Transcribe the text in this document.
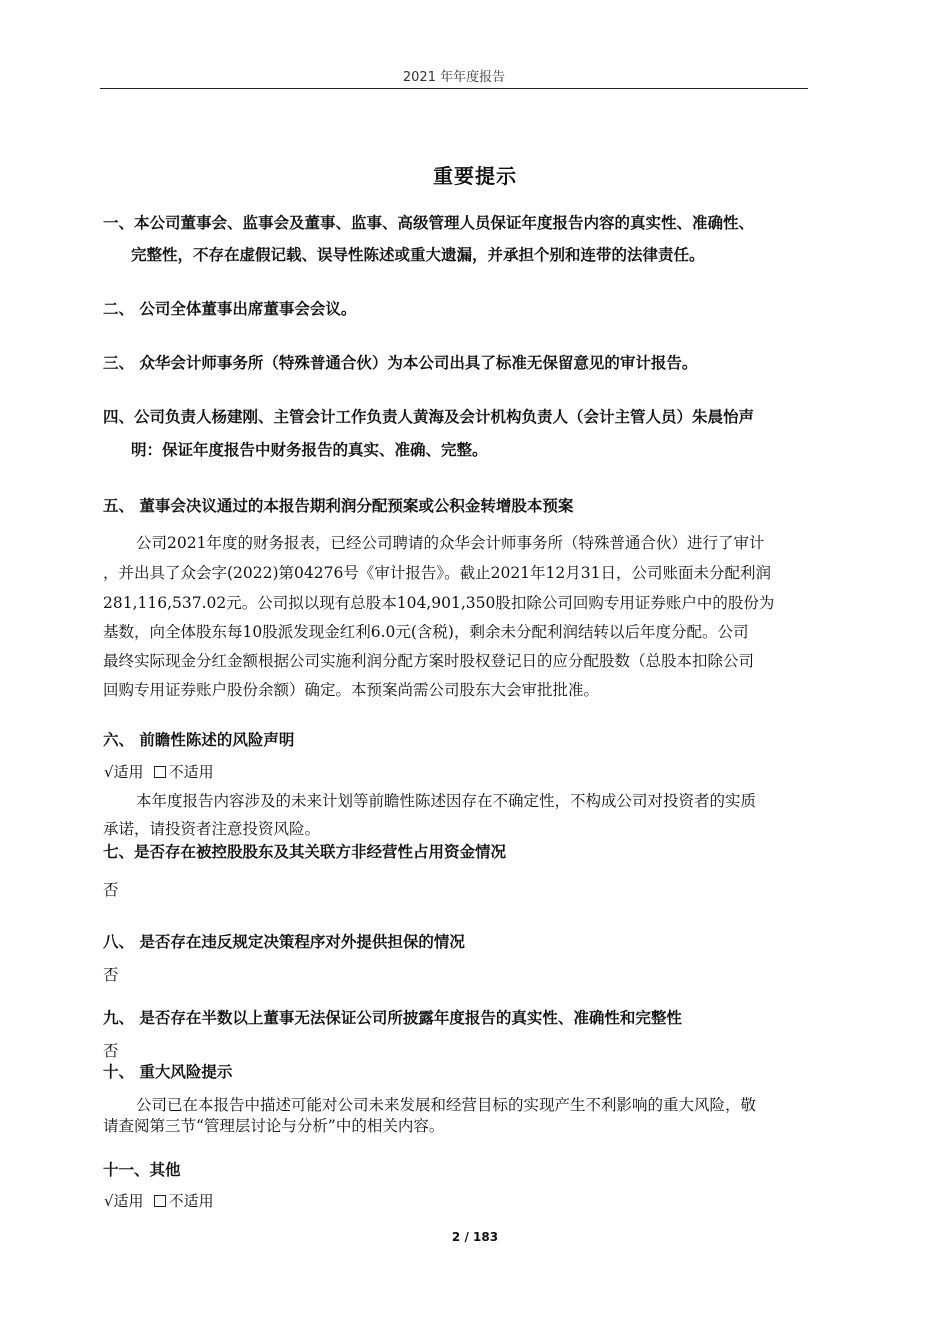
2021 年年度报告
重要提示
一、本公司董事会、监事会及董事、监事、高级管理人员保证年度报告内容的真实性、准确性、
完整性，不存在虚假记载、误导性陈述或重大遗漏，并承担个别和连带的法律责任。
二、 公司全体董事出席董事会会议。
三、 众华会计师事务所（特殊普通合伙）为本公司出具了标准无保留意见的审计报告。
四、公司负责人杨建刚、主管会计工作负责人黄海及会计机构负责人（会计主管人员）朱晨怡声
明：保证年度报告中财务报告的真实、准确、完整。
五、 董事会决议通过的本报告期利润分配预案或公积金转增股本预案
公司2021年度的财务报表，已经公司聘请的众华会计师事务所（特殊普通合伙）进行了审计
，并出具了众会字(2022)第04276号《审计报告》。截止2021年12月31日，公司账面未分配利润
281,116,537.02元。公司拟以现有总股本104,901,350股扣除公司回购专用证券账户中的股份为
基数，向全体股东每10股派发现金红利6.0元(含税)，剩余未分配利润结转以后年度分配。公司
最终实际现金分红金额根据公司实施利润分配方案时股权登记日的应分配股数（总股本扣除公司
回购专用证券账户股份余额）确定。本预案尚需公司股东大会审批批准。
六、 前瞻性陈述的风险声明
√适用 不适用
本年度报告内容涉及的未来计划等前瞻性陈述因存在不确定性，不构成公司对投资者的实质
承诺，请投资者注意投资风险。
七、是否存在被控股股东及其关联方非经营性占用资金情况
否
八、 是否存在违反规定决策程序对外提供担保的情况
否
九、 是否存在半数以上董事无法保证公司所披露年度报告的真实性、准确性和完整性
否
十、 重大风险提示
公司已在本报告中描述可能对公司未来发展和经营目标的实现产生不利影响的重大风险，敬
请查阅第三节“管理层讨论与分析”中的相关内容。
十一、其他
√适用 不适用
2 / 183
